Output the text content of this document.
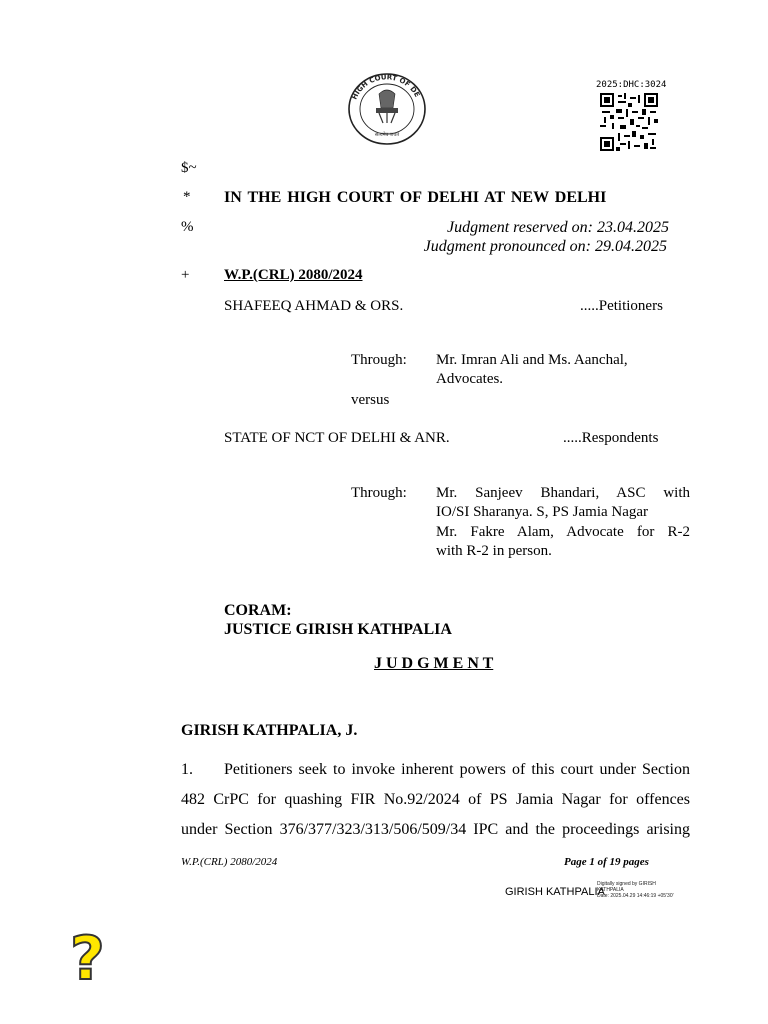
HIGH COURT OF DE
सत्यमेव जयते
2025:DHC:3024
$~
*
%
+
IN THE HIGH COURT OF DELHI AT NEW DELHI
Judgment reserved on: 23.04.2025
Judgment pronounced on: 29.04.2025
W.P.(CRL) 2080/2024
SHAFEEQ AHMAD & ORS.	.....Petitioners
Through: Mr. Imran Ali and Ms. Aanchal,
Advocates.
versus
STATE OF NCT OF DELHI & ANR.	.....Respondents
Through: Mr. Sanjeev Bhandari, ASC with
IO/SI Sharanya. S, PS Jamia Nagar
Mr. Fakre Alam, Advocate for R-2
with R-2 in person.
CORAM:
JUSTICE GIRISH KATHPALIA
J U D G M E N T
GIRISH KATHPALIA, J.
1. Petitioners seek to invoke inherent powers of this court under Section
482 CrPC for quashing FIR No.92/2024 of PS Jamia Nagar for offences
under Section 376/377/323/313/506/509/34 IPC and the proceedings arising
W.P.(CRL) 2080/2024	Page 1 of 19 pages
GIRISH KATHPALIA
Digitally signed by GIRISH
KATHPALIA
Date: 2025.04.29 14:46:19 +05'30'
?
